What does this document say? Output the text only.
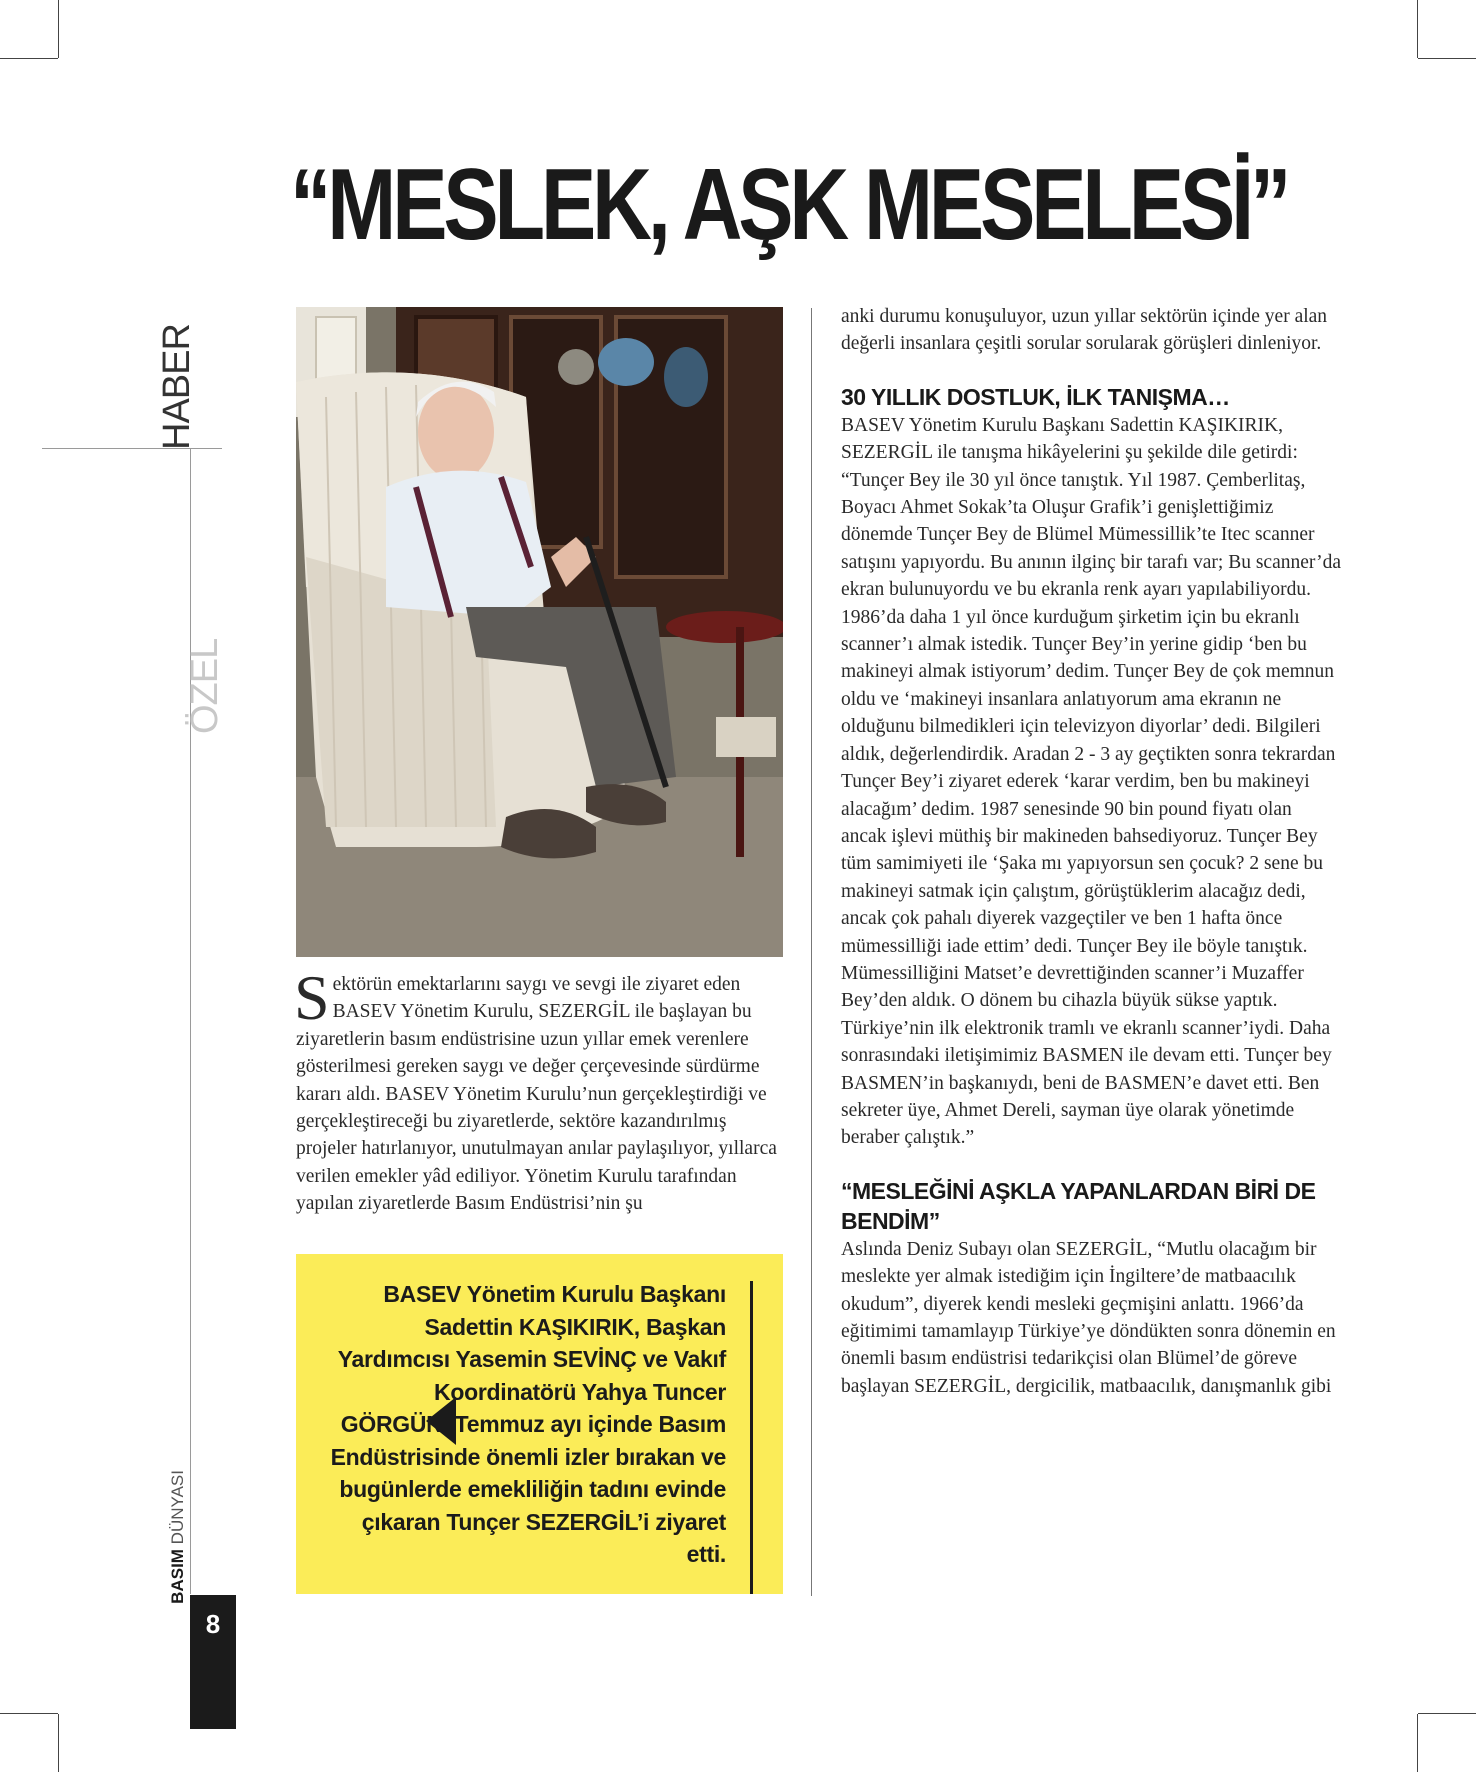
“MESLEK, AŞK MESELESİ”
HABER
ÖZEL
BASIM DÜNYASI
8

Sektörün emektarlarını saygı ve sevgi ile ziyaret eden BASEV Yönetim Kurulu, SEZERGİL ile başlayan bu ziyaretlerin basım endüstrisine uzun yıllar emek verenlere gösterilmesi gereken saygı ve değer çerçevesinde sürdürme kararı aldı. BASEV Yönetim Kurulu’nun gerçekleştirdiği ve gerçekleştireceği bu ziyaretlerde, sektöre kazandırılmış projeler hatırlanıyor, unutulmayan anılar paylaşılıyor, yıllarca verilen emekler yâd ediliyor. Yönetim Kurulu tarafından yapılan ziyaretlerde Basım Endüstrisi’nin şu

BASEV Yönetim Kurulu Başkanı Sadettin KAŞIKIRIK, Başkan Yardımcısı Yasemin SEVİNÇ ve Vakıf Koordinatörü Yahya Tuncer GÖRGÜN, Temmuz ayı içinde Basım Endüstrisinde önemli izler bırakan ve bugünlerde emekliliğin tadını evinde çıkaran Tunçer SEZERGİL’i ziyaret etti.

anki durumu konuşuluyor, uzun yıllar sektörün içinde yer alan değerli insanlara çeşitli sorular sorularak görüşleri dinleniyor.

30 YILLIK DOSTLUK, İLK TANIŞMA…

BASEV Yönetim Kurulu Başkanı Sadettin KAŞIKIRIK, SEZERGİL ile tanışma hikâyelerini şu şekilde dile getirdi: “Tunçer Bey ile 30 yıl önce tanıştık. Yıl 1987. Çemberlitaş, Boyacı Ahmet Sokak’ta Oluşur Grafik’i genişlettiğimiz dönemde Tunçer Bey de Blümel Mümessillik’te Itec scanner satışını yapıyordu. Bu anının ilginç bir tarafı var; Bu scanner’da ekran bulunuyordu ve bu ekranla renk ayarı yapılabiliyordu. 1986’da daha 1 yıl önce kurduğum şirketim için bu ekranlı scanner’ı almak istedik. Tunçer Bey’in yerine gidip ‘ben bu makineyi almak istiyorum’ dedim. Tunçer Bey de çok memnun oldu ve ‘makineyi insanlara anlatıyorum ama ekranın ne olduğunu bilmedikleri için televizyon diyorlar’ dedi. Bilgileri aldık, değerlendirdik. Aradan 2 - 3 ay geçtikten sonra tekrardan Tunçer Bey’i ziyaret ederek ‘karar verdim, ben bu makineyi alacağım’ dedim. 1987 senesinde 90 bin pound fiyatı olan ancak işlevi müthiş bir makineden bahsediyoruz. Tunçer Bey tüm samimiyeti ile ‘Şaka mı yapıyorsun sen çocuk? 2 sene bu makineyi satmak için çalıştım, görüştüklerim alacağız dedi, ancak çok pahalı diyerek vazgeçtiler ve ben 1 hafta önce mümessilliği iade ettim’ dedi. Tunçer Bey ile böyle tanıştık. Mümessilliğini Matset’e devrettiğinden scanner’i Muzaffer Bey’den aldık. O dönem bu cihazla büyük sükse yaptık. Türkiye’nin ilk elektronik tramlı ve ekranlı scanner’iydi. Daha sonrasındaki iletişimimiz BASMEN ile devam etti. Tunçer bey BASMEN’in başkanıydı, beni de BASMEN’e davet etti. Ben sekreter üye, Ahmet Dereli, sayman üye olarak yönetimde beraber çalıştık.”

“MESLEĞİNİ AŞKLA YAPANLARDAN BİRİ DE BENDİM”

Aslında Deniz Subayı olan SEZERGİL, “Mutlu olacağım bir meslekte yer almak istediğim için İngiltere’de matbaacılık okudum”, diyerek kendi mesleki geçmişini anlattı. 1966’da eğitimimi tamamlayıp Türkiye’ye döndükten sonra dönemin en önemli basım endüstrisi tedarikçisi olan Blümel’de göreve başlayan SEZERGİL, dergicilik, matbaacılık, danışmanlık gibi
